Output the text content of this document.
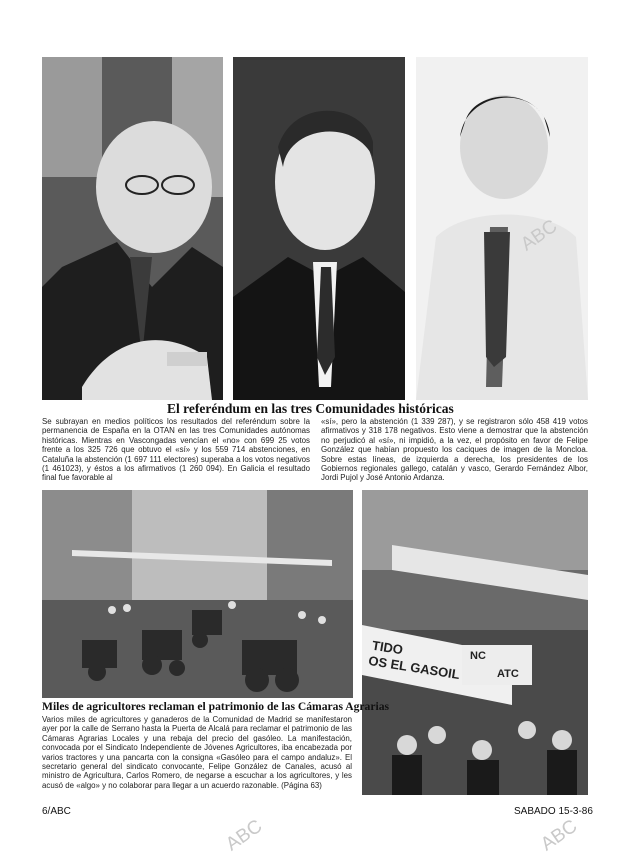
El referéndum en las tres Comunidades históricas
Se subrayan en medios políticos los resultados del referéndum sobre la permanencia de España en la OTAN en las tres Comunidades autónomas históricas. Mientras en Vascongadas vencían el «no» con 699 25 votos frente a los 325 726 que obtuvo el «sí» y los 559 714 abstenciones, en Cataluña la abstención (1 697 111 electores) superaba a los votos negativos (1 461023), y éstos a los afirmativos (1 260 094). En Galicia el resultado final fue favorable al
«sí», pero la abstención (1 339 287), y se registraron sólo 458 419 votos afirmativos y 318 178 negativos. Esto viene a demostrar que la abstención no perjudicó al «sí», ni impidió, a la vez, el propósito en favor de Felipe González que habían propuesto los caciques de imagen de la Moncloa. Sobre estas líneas, de izquierda a derecha, los presidentes de los Gobiernos regionales gallego, catalán y vasco, Gerardo Fernández Albor, Jordi Pujol y José Antonio Ardanza.
TIDO
OS EL GASOIL NC
ATC
Miles de agricultores reclaman el patrimonio de las Cámaras Agrarias
Varios miles de agricultores y ganaderos de la Comunidad de Madrid se manifestaron ayer por la calle de Serrano hasta la Puerta de Alcalá para reclamar el patrimonio de las Cámaras Agrarias Locales y una rebaja del precio del gasóleo. La manifestación, convocada por el Sindicato Independiente de Jóvenes Agricultores, iba encabezada por varios tractores y una pancarta con la consigna «Gasóleo para el campo andaluz». El secretario general del sindicato convocante, Felipe González de Canales, acusó al ministro de Agricultura, Carlos Romero, de negarse a escuchar a los agricultores, y les acusó de «algo» y no colaborar para llegar a un acuerdo razonable. (Página 63)
6/ABC	SABADO 15-3-86
ABC
ABC	ABC
